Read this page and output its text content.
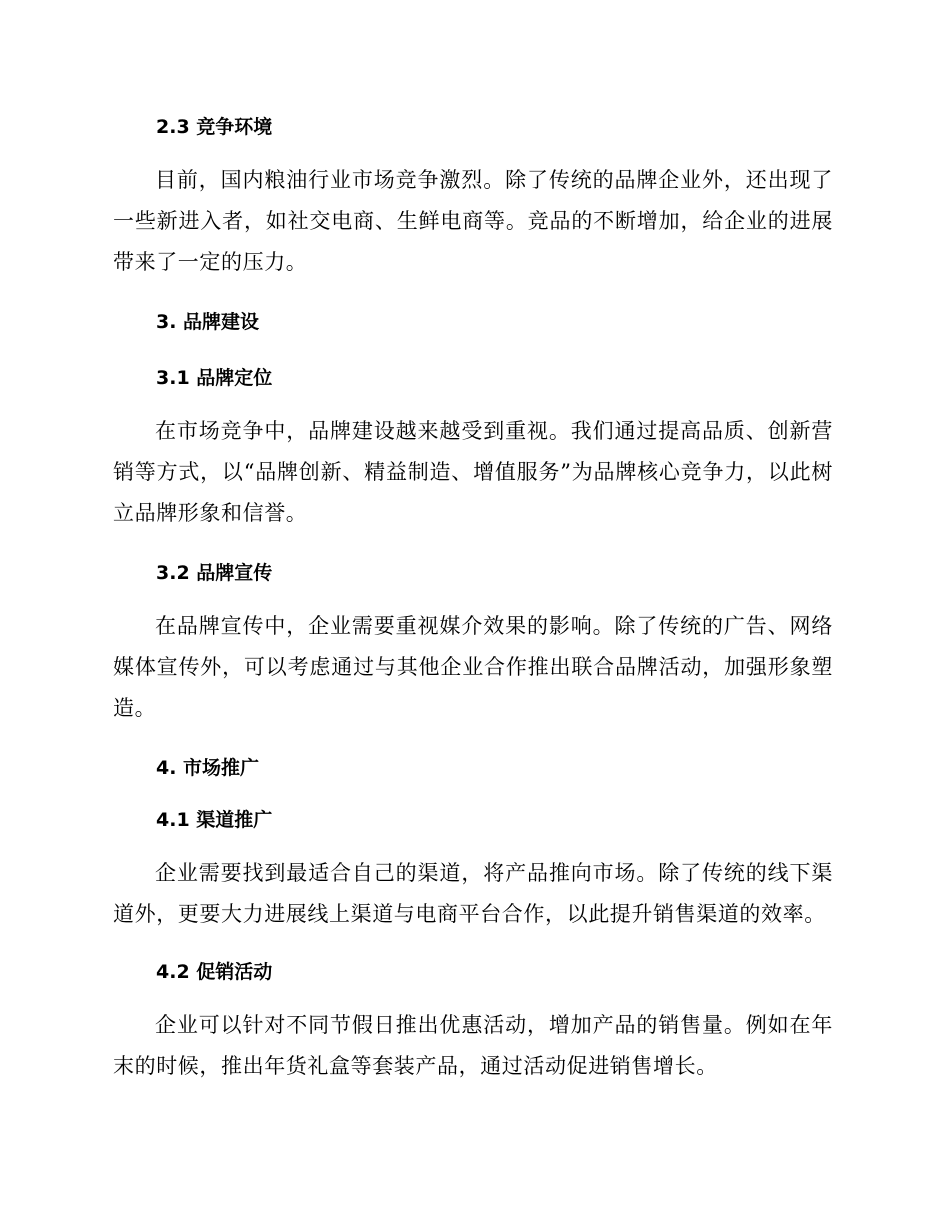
2.3 竞争环境
目前，国内粮油行业市场竞争激烈。除了传统的品牌企业外，还出现了一些新进入者，如社交电商、生鲜电商等。竞品的不断增加，给企业的进展带来了一定的压力。
3. 品牌建设
3.1 品牌定位
在市场竞争中，品牌建设越来越受到重视。我们通过提高品质、创新营销等方式，以“品牌创新、精益制造、增值服务”为品牌核心竞争力，以此树立品牌形象和信誉。
3.2 品牌宣传
在品牌宣传中，企业需要重视媒介效果的影响。除了传统的广告、网络媒体宣传外，可以考虑通过与其他企业合作推出联合品牌活动，加强形象塑造。
4. 市场推广
4.1 渠道推广
企业需要找到最适合自己的渠道，将产品推向市场。除了传统的线下渠道外，更要大力进展线上渠道与电商平台合作，以此提升销售渠道的效率。
4.2 促销活动
企业可以针对不同节假日推出优惠活动，增加产品的销售量。例如在年末的时候，推出年货礼盒等套装产品，通过活动促进销售增长。
